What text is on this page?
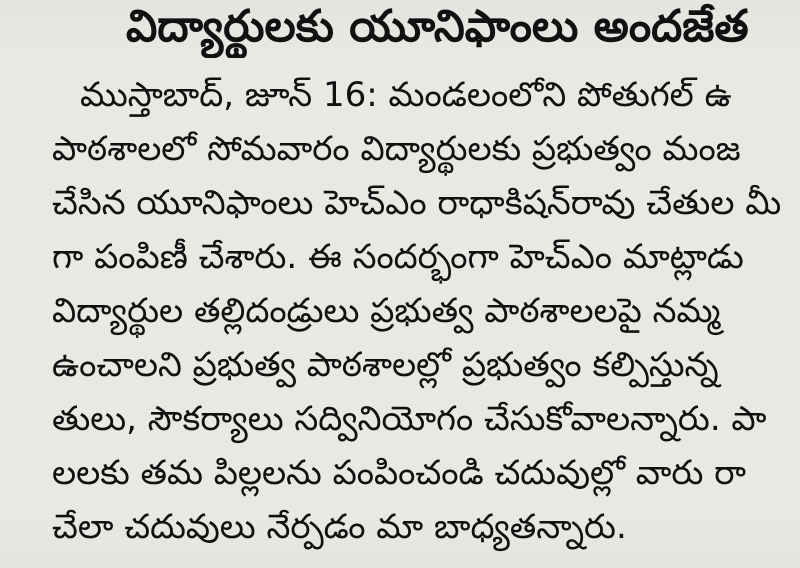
విద్యార్థులకు యూనిఫాంలు అందజేత
ముస్తాబాద్, జూన్ 16: మండలంలోని పోతుగల్ ఉ
పాఠశాలలో సోమవారం విద్యార్థులకు ప్రభుత్వం మంజ
చేసిన యూనిఫాంలు హెచ్‌ఎం రాధాకిషన్‌రావు చేతుల మీ
గా పంపిణీ చేశారు. ఈ సందర్భంగా హెచ్‌ఎం మాట్లాడు
విద్యార్థుల తల్లిదండ్రులు ప్రభుత్వ పాఠశాలలపై నమ్మ
ఉంచాలని ప్రభుత్వ పాఠశాలల్లో ప్రభుత్వం కల్పిస్తున్న
తులు, సౌకర్యాలు సద్వినియోగం చేసుకోవాలన్నారు. పా
లలకు తమ పిల్లలను పంపించండి చదువుల్లో వారు రా
చేలా చదువులు నేర్పడం మా బాధ్యతన్నారు.
